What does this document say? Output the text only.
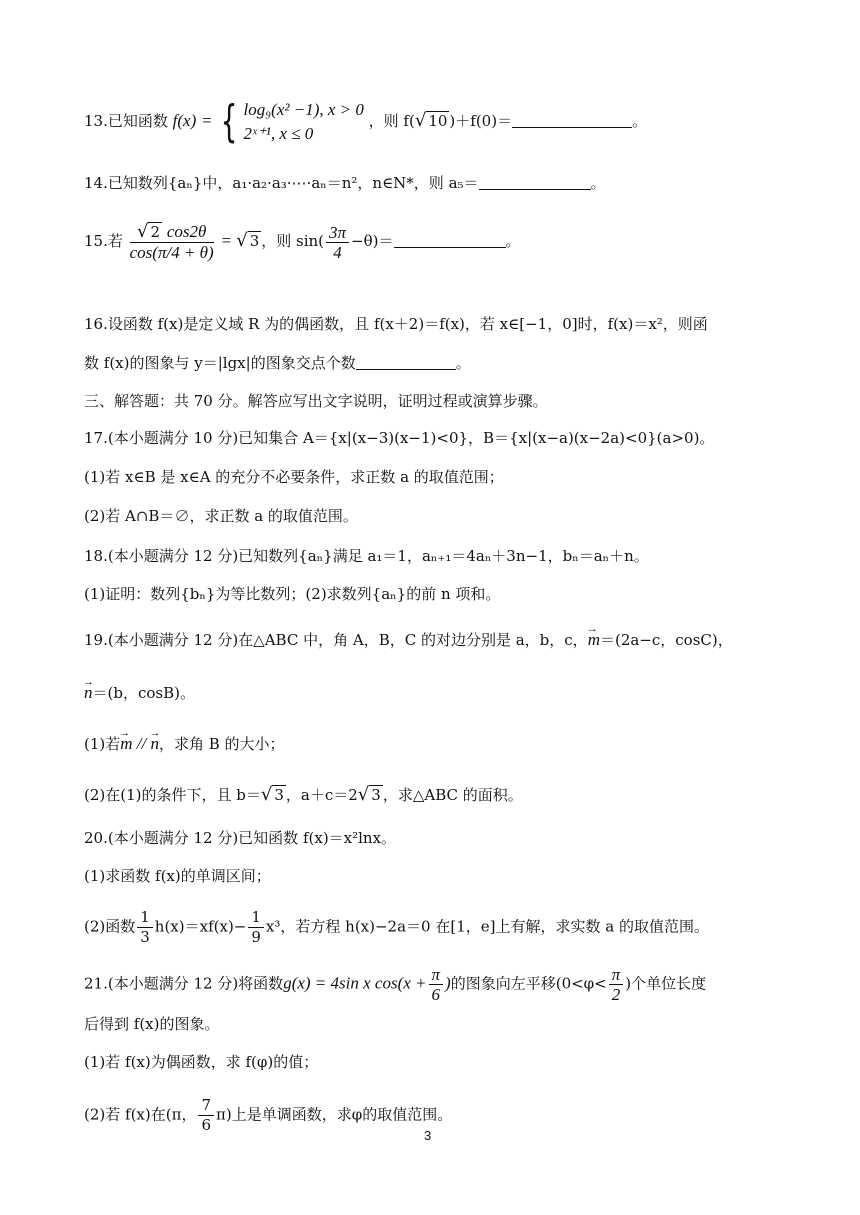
13.已知函数 f(x) = { log₉(x² −1), x > 0
2ˣ⁺¹, x ≤ 0
，则 f(√ 10 )＋f(0)＝	。
14.已知数列{aₙ}中，a₁·a₂·a₃·⋯·aₙ＝n²，n∈N*，则 a₅＝	。
15.若 $\frac{√ 2 \cos 2\theta}{\cos(\pi/4 + \theta)}$ = √ 3 ，则 $\sin( \frac{3\pi}{4} -\theta)=$	。
16.设函数 f(x)是定义域 R 为的偶函数，且 f(x＋2)＝f(x)，若 x∈[−1，0]时，f(x)＝x²，则函
数 f(x)的图象与 y＝|lgx|的图象交点个数	。
三、解答题：共 70 分。解答应写出文字说明，证明过程或演算步骤。
17.(本小题满分 10 分)已知集合 A＝{x|(x−3)(x−1)<0}，B＝{x|(x−a)(x−2a)<0}(a>0)。
(1)若 x∈B 是 x∈A 的充分不必要条件，求正数 a 的取值范围；
(2)若 A∩B＝∅，求正数 a 的取值范围。
18.(本小题满分 12 分)已知数列{aₙ}满足 a₁＝1，aₙ₊₁＝4aₙ＋3n−1，bₙ＝aₙ＋n。
(1)证明：数列{bₙ}为等比数列；(2)求数列{aₙ}的前 n 项和。
19.(本小题满分 12 分)在△ABC 中，角 A，B，C 的对边分别是 a，b，c，→ m＝(2a−c，cosC)，
→ n＝(b，cosB)。
(1)若→ m // → n，求角 B 的大小；
(2)在(1)的条件下，且 b＝√ 3 ，a＋c＝2√ 3 ，求△ABC 的面积。
20.(本小题满分 12 分)已知函数 f(x)＝x²lnx。
(1)求函数 f(x)的单调区间；
(2)函数 $\frac{1}{3} h(x)=xf(x)- \frac{1}{9} x^3$，若方程 h(x)−2a＝0 在[1，e]上有解，求实数 a 的取值范围。
21.(本小题满分 12 分)将函数g(x) = 4sin x $\cos(x + \frac{\pi}{6}$ )的图象向左平移($0<\varphi< \frac{\pi}{2}$ )个单位长度
后得到 f(x)的图象。
(1)若 f(x)为偶函数，求 f(φ)的值；
(2)若 f(x)在(π， $\frac{7}{6} \pi$)上是单调函数，求φ的取值范围。
3
